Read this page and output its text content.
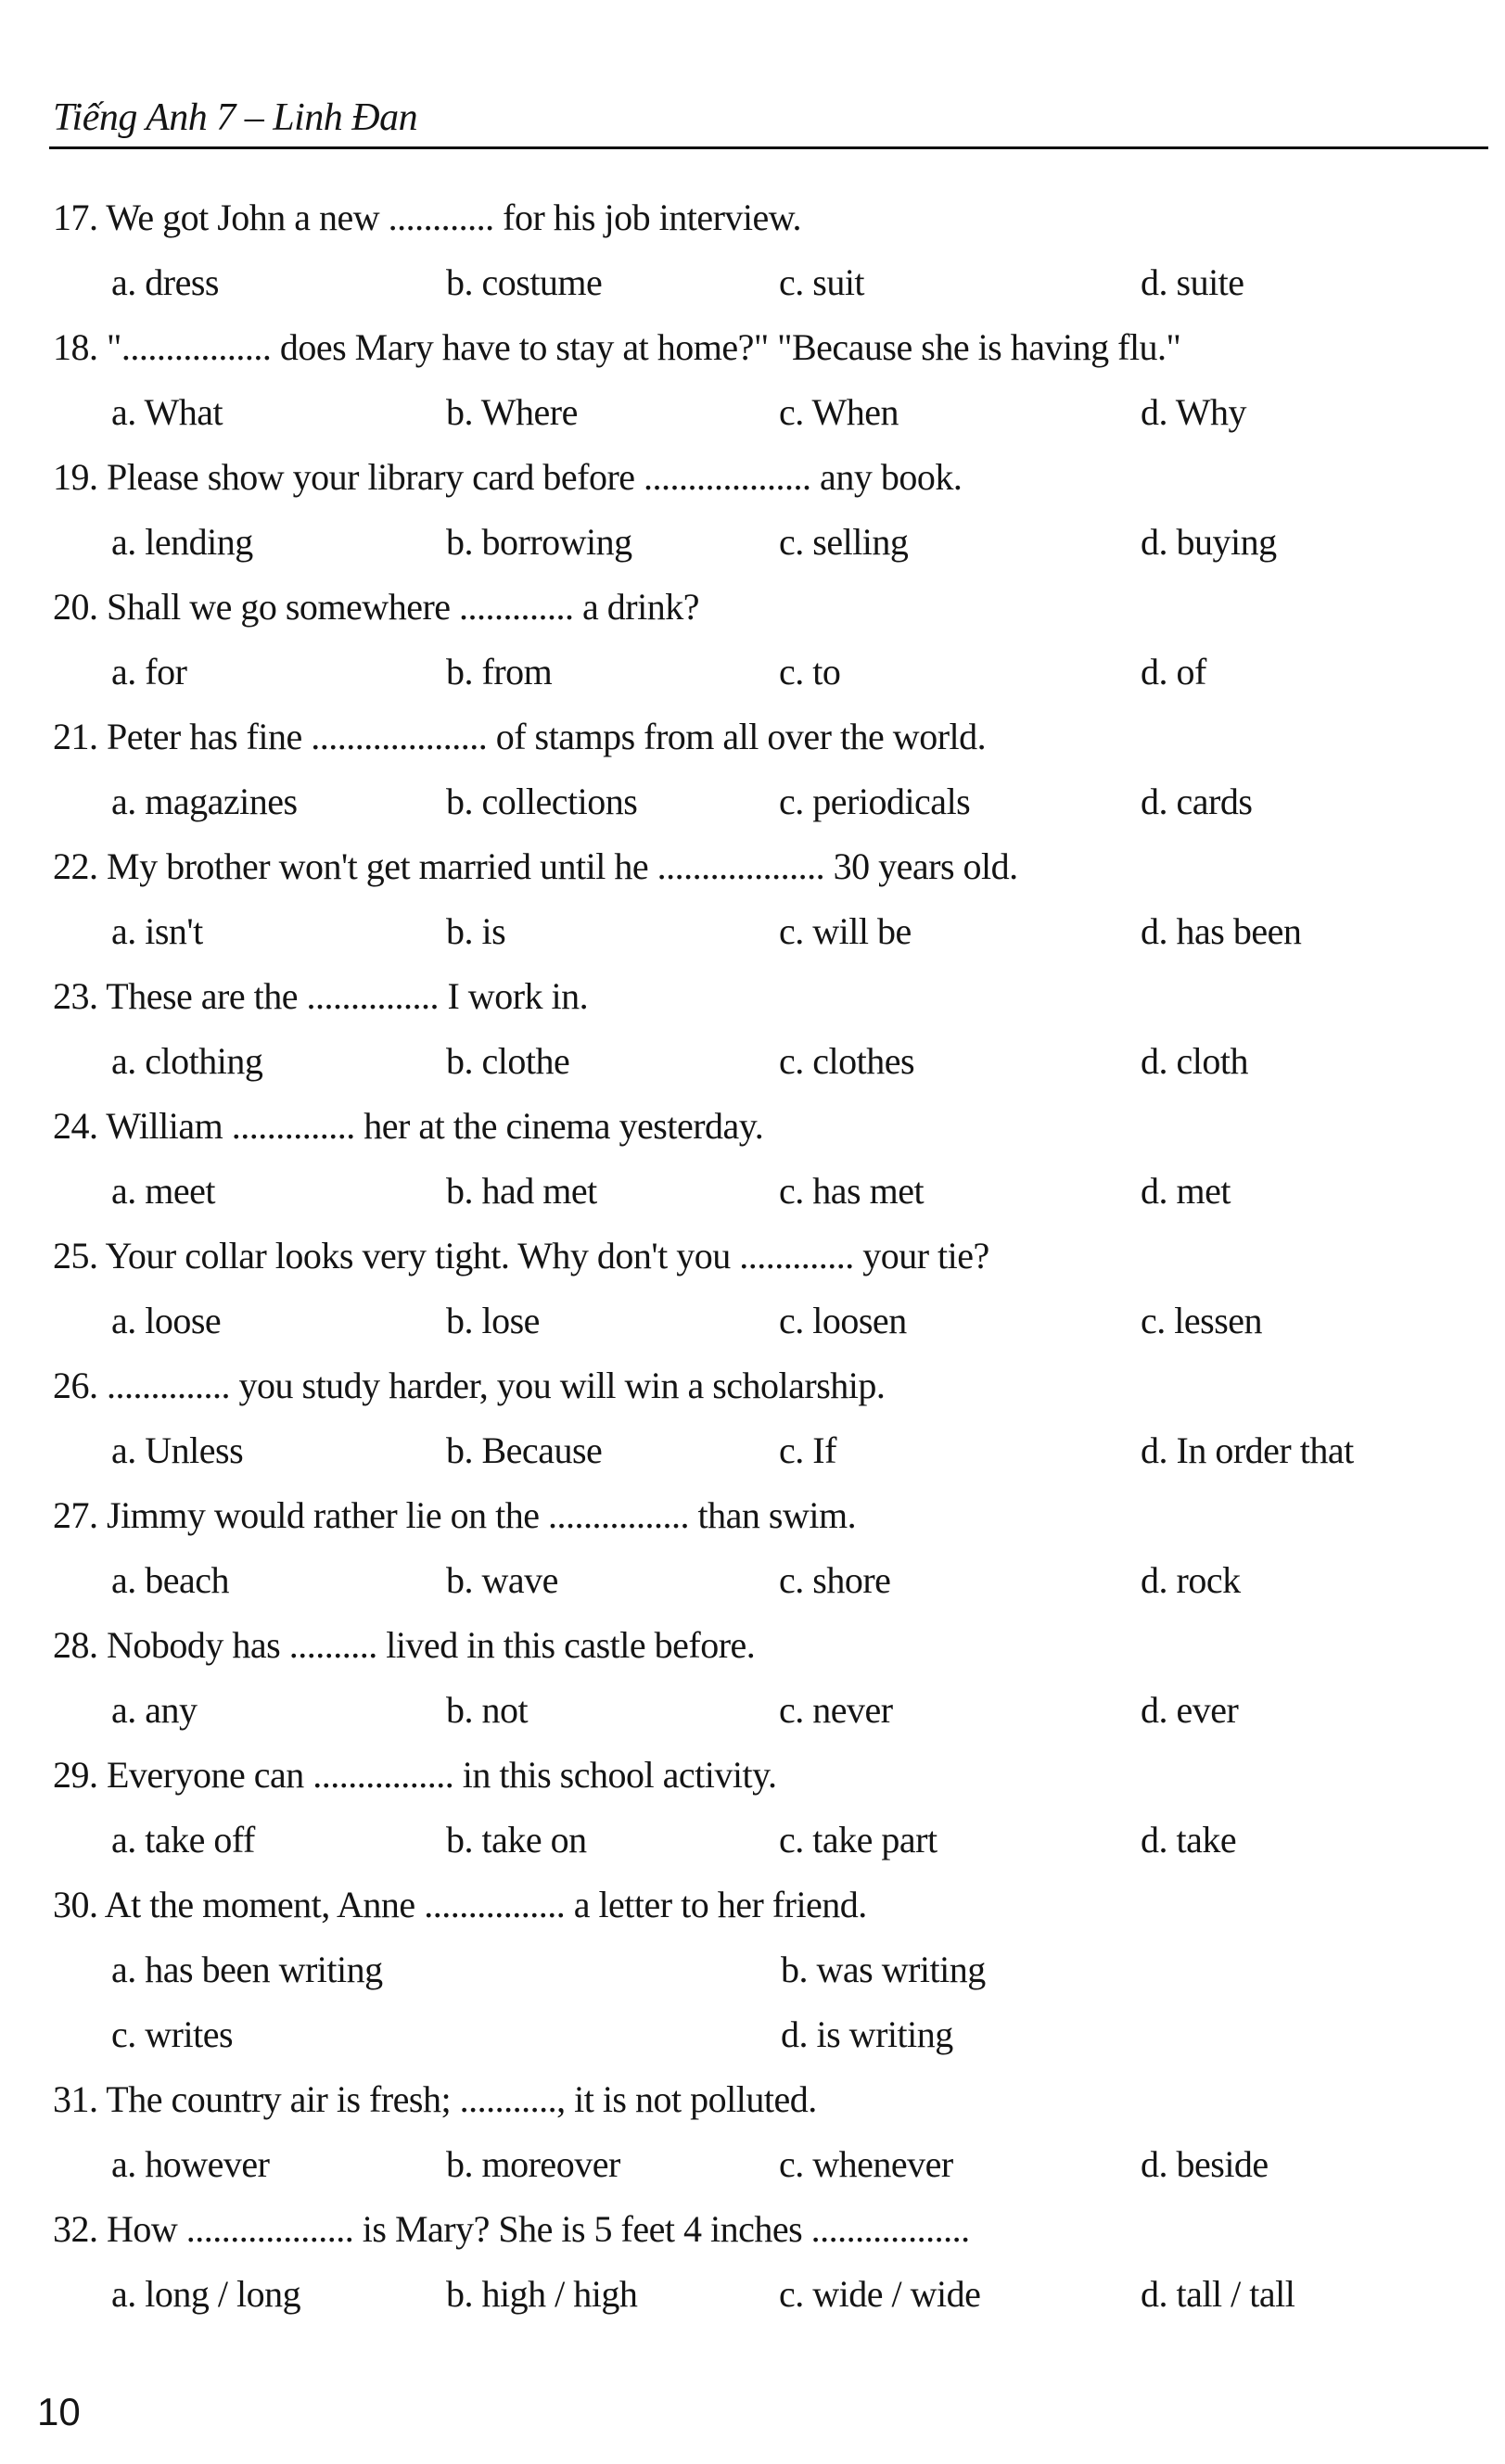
Tiếng Anh 7 – Linh Đan
17. We got John a new ............ for his job interview.
a. dress	b. costume	c. suit	d. suite
18. "................. does Mary have to stay at home?" "Because she is having flu."
a. What	b. Where	c. When	d. Why
19. Please show your library card before ................... any book.
a. lending	b. borrowing	c. selling	d. buying
20. Shall we go somewhere ............. a drink?
a. for	b. from	c. to	d. of
21. Peter has fine .................... of stamps from all over the world.
a. magazines	b. collections	c. periodicals	d. cards
22. My brother won't get married until he ................... 30 years old.
a. isn't	b. is	c. will be	d. has been
23. These are the ............... I work in.
a. clothing	b. clothe	c. clothes	d. cloth
24. William .............. her at the cinema yesterday.
a. meet	b. had met	c. has met	d. met
25. Your collar looks very tight. Why don't you ............. your tie?
a. loose	b. lose	c. loosen	c. lessen
26. .............. you study harder, you will win a scholarship.
a. Unless	b. Because	c. If	d. In order that
27. Jimmy would rather lie on the ................ than swim.
a. beach	b. wave	c. shore	d. rock
28. Nobody has .......... lived in this castle before.
a. any	b. not	c. never	d. ever
29. Everyone can ................ in this school activity.
a. take off	b. take on	c. take part	d. take
30. At the moment, Anne ................ a letter to her friend.
a. has been writing	b. was writing
c. writes	d. is writing
31. The country air is fresh; ..........., it is not polluted.
a. however	b. moreover	c. whenever	d. beside
32. How ................... is Mary? She is 5 feet 4 inches ..................
a. long / long	b. high / high	c. wide / wide	d. tall / tall
10
